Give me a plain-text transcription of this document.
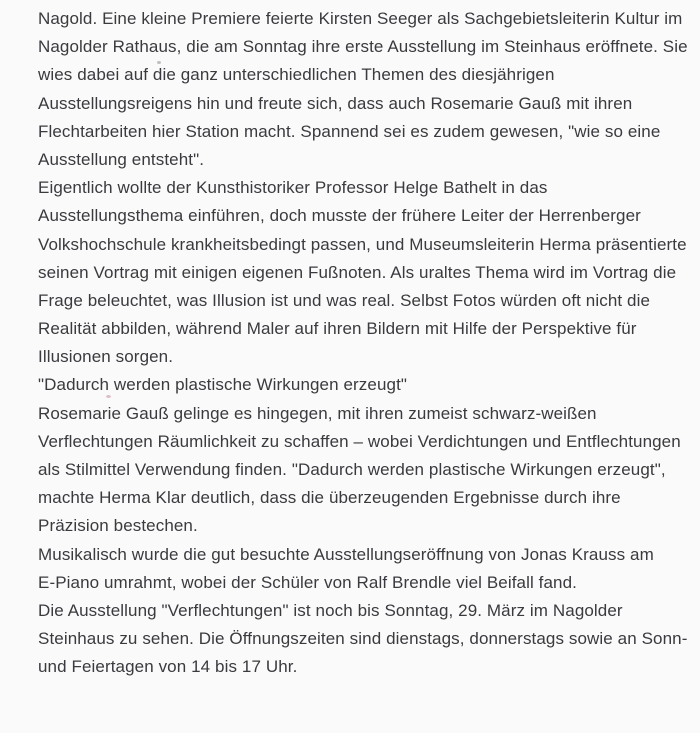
Nagold. Eine kleine Premiere feierte Kirsten Seeger als Sachgebietsleiterin Kultur im
Nagolder Rathaus, die am Sonntag ihre erste Ausstellung im Steinhaus eröffnete. Sie
wies dabei auf die ganz unterschiedlichen Themen des diesjährigen
Ausstellungsreigens hin und freute sich, dass auch Rosemarie Gauß mit ihren
Flechtarbeiten hier Station macht. Spannend sei es zudem gewesen, "wie so eine
Ausstellung entsteht".
Eigentlich wollte der Kunsthistoriker Professor Helge Bathelt in das
Ausstellungsthema einführen, doch musste der frühere Leiter der Herrenberger
Volkshochschule krankheitsbedingt passen, und Museumsleiterin Herma präsentierte
seinen Vortrag mit einigen eigenen Fußnoten. Als uraltes Thema wird im Vortrag die
Frage beleuchtet, was Illusion ist und was real. Selbst Fotos würden oft nicht die
Realität abbilden, während Maler auf ihren Bildern mit Hilfe der Perspektive für
Illusionen sorgen.
"Dadurch werden plastische Wirkungen erzeugt"
Rosemarie Gauß gelinge es hingegen, mit ihren zumeist schwarz-weißen
Verflechtungen Räumlichkeit zu schaffen – wobei Verdichtungen und Entflechtungen
als Stilmittel Verwendung finden. "Dadurch werden plastische Wirkungen erzeugt",
machte Herma Klar deutlich, dass die überzeugenden Ergebnisse durch ihre
Präzision bestechen.
Musikalisch wurde die gut besuchte Ausstellungseröffnung von Jonas Krauss am
E-Piano umrahmt, wobei der Schüler von Ralf Brendle viel Beifall fand.
Die Ausstellung "Verflechtungen" ist noch bis Sonntag, 29. März im Nagolder
Steinhaus zu sehen. Die Öffnungszeiten sind dienstags, donnerstags sowie an Sonn-
und Feiertagen von 14 bis 17 Uhr.
